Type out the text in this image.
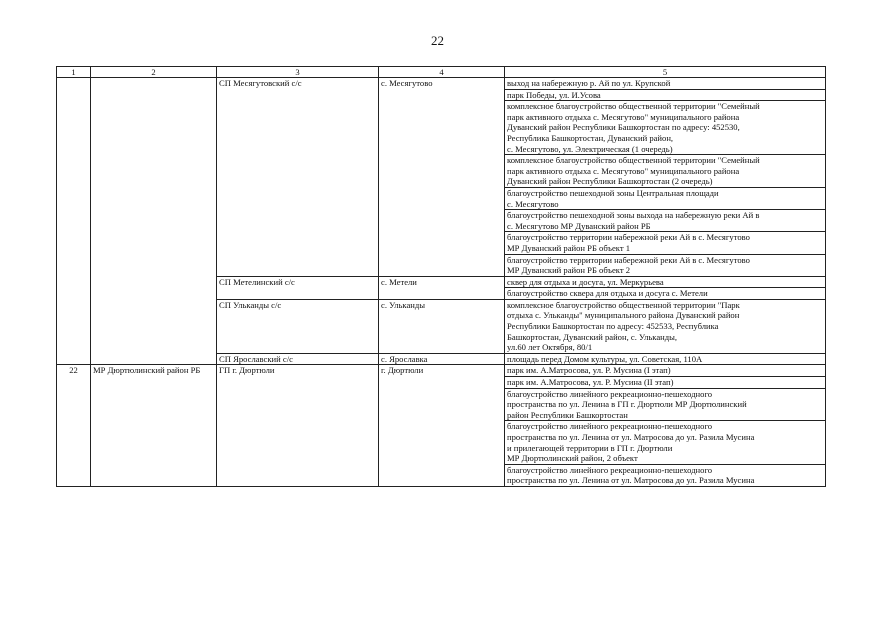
22
1	2	3	4	5
		СП Месягутовский с/с	с. Месягутово	выход на набережную р. Ай по ул. Крупской

				парк Победы, ул. И.Усова

				комплексное благоустройство общественной территории "Семейный
парк активного отдыха с. Месягутово" муниципального района
Дуванский район Республики Башкортостан по адресу: 452530,
Республика Башкортостан, Дуванский район,
с. Месягутово, ул. Электрическая (1 очередь)

				комплексное благоустройство общественной территории "Семейный
парк активного отдыха с. Месягутово" муниципального района
Дуванский район Республики Башкортостан (2 очередь)

				благоустройство пешеходной зоны Центральная площади
с. Месягутово

				благоустройство пешеходной зоны выхода на набережную реки Ай в
с. Месягутово МР Дуванский район РБ

				благоустройство территории набережной реки Ай в с. Месягутово
МР Дуванский район РБ объект 1

				благоустройство территории набережной реки Ай в с. Месягутово
МР Дуванский район РБ объект 2

		СП Метелинский с/с	с. Метели	сквер для отдыха и досуга, ул. Меркурьева

				благоустройство сквера для отдыха и досуга с. Метели

		СП Ульканды с/с	с. Ульканды	комплексное благоустройство общественной территории "Парк
отдыха с. Ульканды" муниципального района Дуванский район
Республики Башкортостан по адресу: 452533, Республика
Башкортостан, Дуванский район, с. Ульканды,
ул.60 лет Октября, 80/1

		СП Ярославский с/с	с. Ярославка	площадь перед Домом культуры, ул. Советская, 110А

22	МР Дюртюлинский район РБ	ГП г. Дюртюли	г. Дюртюли	парк им. А.Матросова, ул. Р. Мусина (I этап)

				парк им. А.Матросова, ул. Р. Мусина (II этап)

				благоустройство линейного рекреационно-пешеходного
пространства по ул. Ленина в ГП г. Дюртюли МР Дюртюлинский
район Республики Башкортостан

				благоустройство линейного рекреационно-пешеходного
пространства по ул. Ленина от ул. Матросова до ул. Разила Мусина
и прилегающей территории в ГП г. Дюртюли
МР Дюртюлинский район, 2 объект

				благоустройство линейного рекреационно-пешеходного
пространства по ул. Ленина от ул. Матросова до ул. Разила Мусина
